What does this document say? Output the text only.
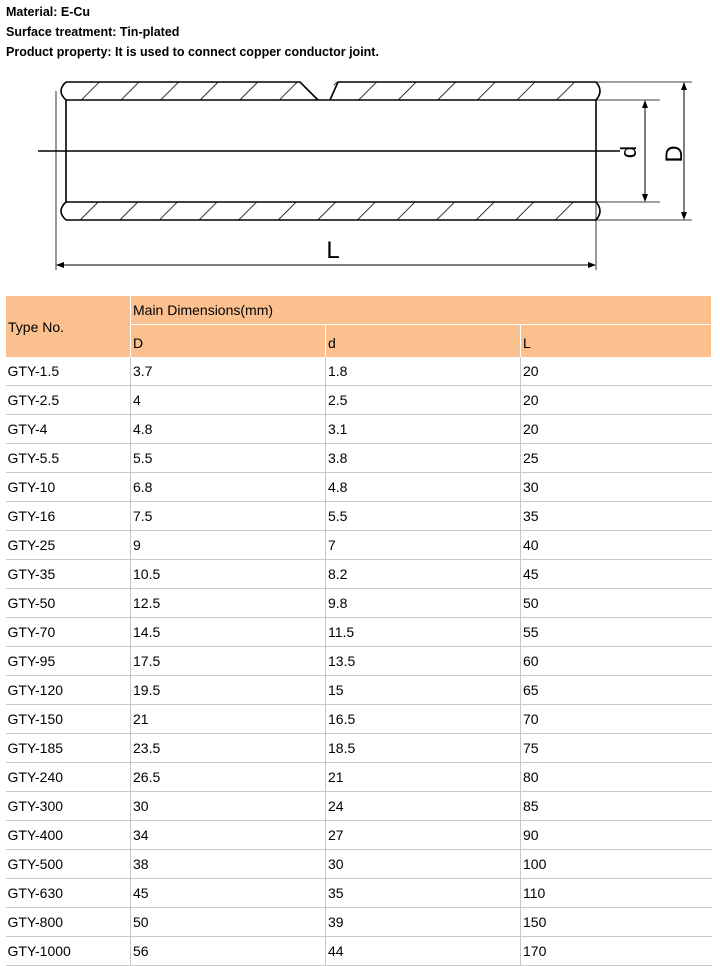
Material: E-Cu
Surface treatment: Tin-plated
Product property: It is used to connect copper conductor joint.
d D
L
Type No.	Main Dimensions(mm)		
	D	d	L
GTY-1.5	3.7	1.8	20
GTY-2.5	4	2.5	20
GTY-4	4.8	3.1	20
GTY-5.5	5.5	3.8	25
GTY-10	6.8	4.8	30
GTY-16	7.5	5.5	35
GTY-25	9	7	40
GTY-35	10.5	8.2	45
GTY-50	12.5	9.8	50
GTY-70	14.5	11.5	55
GTY-95	17.5	13.5	60
GTY-120	19.5	15	65
GTY-150	21	16.5	70
GTY-185	23.5	18.5	75
GTY-240	26.5	21	80
GTY-300	30	24	85
GTY-400	34	27	90
GTY-500	38	30	100
GTY-630	45	35	110
GTY-800	50	39	150
GTY-1000	56	44	170
